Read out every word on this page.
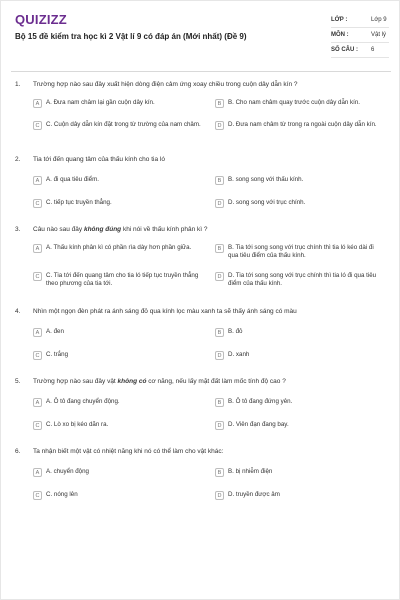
QUIZIZZ
Bộ 15 đề kiểm tra học kì 2 Vật lí 9 có đáp án (Mới nhất) (Đề 9)
LỚP :	Lớp 9
MÔN :	Vật lý
SỐ CÂU : 6
1. Trường hợp nào sau đây xuất hiện dòng điện cảm ứng xoay chiều trong cuộn dây dẫn kín ?
A	A. Đưa nam châm lại gần cuộn dây kín.	B	B. Cho nam châm quay trước cuộn dây dẫn kín.
C	C. Cuộn dây dẫn kín đặt trong từ trường của nam châm.	D	D. Đưa nam châm từ trong ra ngoài cuộn dây dẫn kín.
2. Tia tới đến quang tâm của thấu kính cho tia ló
A	A. đi qua tiêu điểm.	B	B. song song với thấu kính.
C	C. tiếp tục truyền thẳng.	D	D. song song với trục chính.
3. Câu nào sau đây không đúng khi nói về thấu kính phân kì ?
A	A. Thấu kính phân kì có phần rìa dày hơn phần giữa.	B	B. Tia tới song song với trục chính thì tia ló kéo dài đi qua tiêu điểm của thấu kính.
C	C. Tia tới đến quang tâm cho tia ló tiếp tục truyền thẳng theo phương của tia tới.
D	D. Tia tới song song với trục chính thì tia ló đi qua tiêu điểm của thấu kính.
4. Nhìn một ngọn đèn phát ra ánh sáng đỏ qua kính lọc màu xanh ta sẽ thấy ánh sáng có màu
A	A. đen	B	B. đỏ
C	C. trắng	D	D. xanh
5. Trường hợp nào sau đây vật không có cơ năng, nếu lấy mặt đất làm mốc tính độ cao ?
A	A. Ô tô đang chuyển động.	B	B. Ô tô đang đứng yên.
C	C. Lò xo bị kéo dãn ra.	D	D. Viên đạn đang bay.
6. Ta nhận biết một vật có nhiệt năng khi nó có thể làm cho vật khác:
A	A. chuyển động	B	B. bị nhiễm điện
C	C. nóng lên	D	D. truyền được âm
